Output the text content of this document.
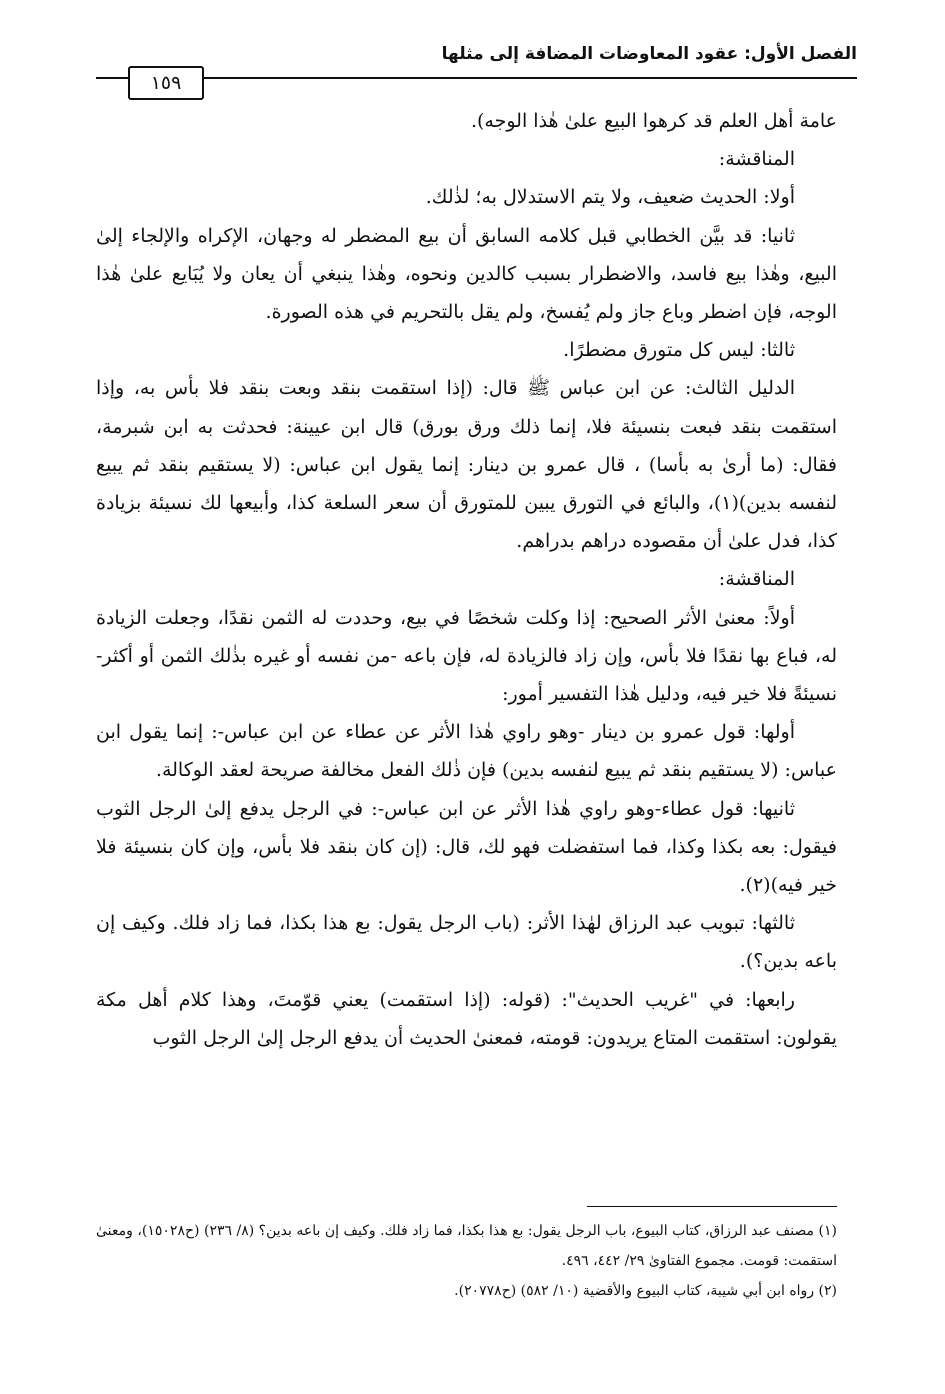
الفصل الأول: عقود المعاوضات المضافة إلى مثلها
١٥٩

عامة أهل العلم قد كرهوا البيع علىٰ هٰذا الوجه).

المناقشة:

أولا: الحديث ضعيف، ولا يتم الاستدلال به؛ لذٰلك.

ثانيا: قد بيَّن الخطابي قبل كلامه السابق أن بيع المضطر له وجهان، الإكراه والإلجاء إلىٰ البيع، وهٰذا بيع فاسد، والاضطرار بسبب كالدين ونحوه، وهٰذا ينبغي أن يعان ولا يُبَايع علىٰ هٰذا الوجه، فإن اضطر وباع جاز ولم يُفسخ، ولم يقل بالتحريم في هذه الصورة.

ثالثا: ليس كل متورق مضطرًا.

الدليل الثالث: عن ابن عباس ﷺ قال: (إذا استقمت بنقد وبعت بنقد فلا بأس به، وإذا استقمت بنقد فبعت بنسيئة فلا، إنما ذلك ورق بورق) قال ابن عيينة: فحدثت به ابن شبرمة، فقال: (ما أرىٰ به بأسا) ، قال عمرو بن دينار: إنما يقول ابن عباس: (لا يستقيم بنقد ثم يبيع لنفسه بدين)(١)، والبائع في التورق يبين للمتورق أن سعر السلعة كذا، وأبيعها لك نسيئة بزيادة كذا، فدل علىٰ أن مقصوده دراهم بدراهم.

المناقشة:

أولاً: معنىٰ الأثر الصحيح: إذا وكلت شخصًا في بيع، وحددت له الثمن نقدًا، وجعلت الزيادة له، فباع بها نقدًا فلا بأس، وإن زاد فالزيادة له، فإن باعه -من نفسه أو غيره بذٰلك الثمن أو أكثر- نسيئةً فلا خير فيه، ودليل هٰذا التفسير أمور:

أولها: قول عمرو بن دينار -وهو راوي هٰذا الأثر عن عطاء عن ابن عباس-: إنما يقول ابن عباس: (لا يستقيم بنقد ثم يبيع لنفسه بدين) فإن ذٰلك الفعل مخالفة صريحة لعقد الوكالة.

ثانيها: قول عطاء-وهو راوي هٰذا الأثر عن ابن عباس-: في الرجل يدفع إلىٰ الرجل الثوب فيقول: بعه بكذا وكذا، فما استفضلت فهو لك، قال: (إن كان بنقد فلا بأس، وإن كان بنسيئة فلا خير فيه)(٢).

ثالثها: تبويب عبد الرزاق لهٰذا الأثر: (باب الرجل يقول: بع هذا بكذا، فما زاد فلك. وكيف إن باعه بدين؟).

رابعها: في "غريب الحديث": (قوله: (إذا استقمت) يعني قوّمتَ، وهذا كلام أهل مكة يقولون: استقمت المتاع يريدون: قومته، فمعنىٰ الحديث أن يدفع الرجل إلىٰ الرجل الثوب

(١) مصنف عبد الرزاق، كتاب البيوع، باب الرجل يقول: بع هذا بكذا، فما زاد فلك. وكيف إن باعه بدين؟ (٨/ ٢٣٦) (ح١٥٠٢٨)، ومعنىٰ استقمت: قومت. مجموع الفتاوىٰ ٢٩/ ٤٤٢، ٤٩٦.

(٢) رواه ابن أبي شيبة، كتاب البيوع والأقضية (١٠/ ٥٨٢) (ح٢٠٧٧٨).
